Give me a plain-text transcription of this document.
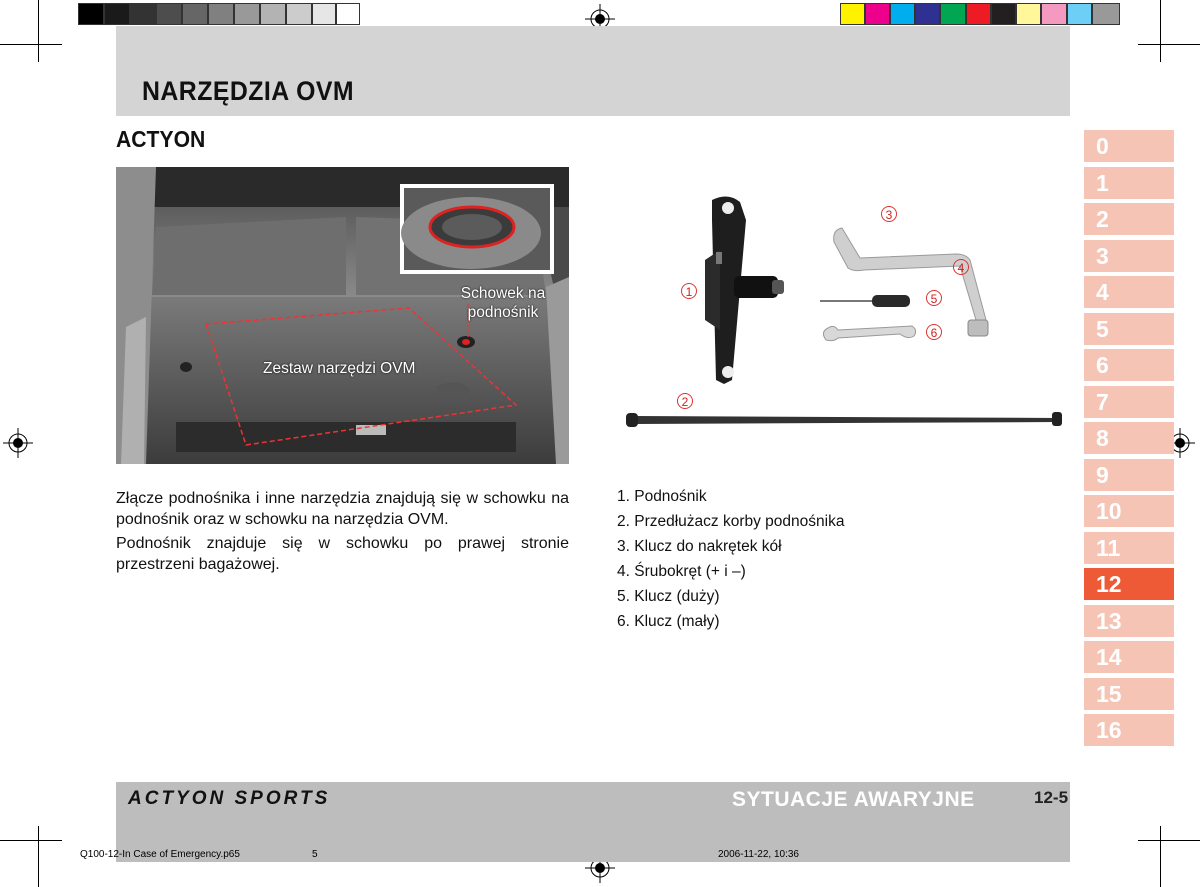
NARZĘDZIA OVM
ACTYON
Schowek na podnośnik
Zestaw narzędzi OVM
3
4
5
6
1
2
Złącze podnośnika i inne narzędzia znajdują się w schowku na podnośnik oraz w schowku na narzędzia OVM.
Podnośnik znajduje się w schowku po prawej stronie przestrzeni bagażowej.
1. Podnośnik
2. Przedłużacz korby podnośnika
3. Klucz do nakrętek kół
4. Śrubokręt (+ i –)
5. Klucz (duży)
6. Klucz (mały)
0
1
2
3
4
5
6
7
8
9
10
11
12
13
14
15
16
ACTYON SPORTS	SYTUACJE AWARYJNE	12-5
Q100-12-In Case of Emergency.p65	5	2006-11-22, 10:36
